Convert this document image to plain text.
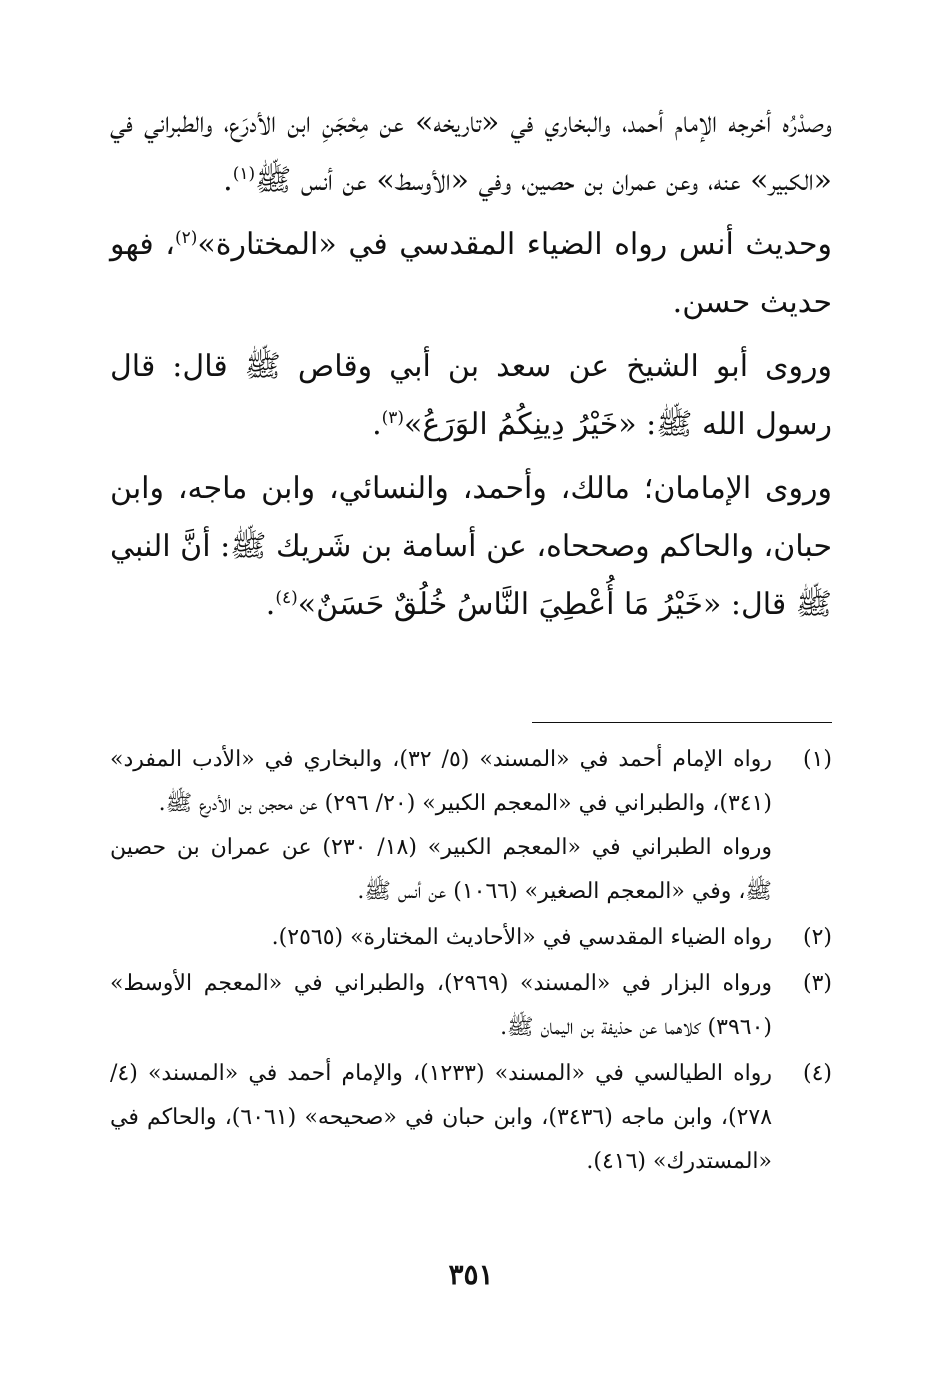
وصدْرُه أخرجه الإمام أحمد، والبخاري في «تاريخه» عن مِحْجَنِ ابن الأدرَع، والطبراني في «الكبير» عنه، وعن عمران بن حصين، وفي «الأوسط» عن أنس ﷺ$^{(١)}$.

وحديث أنس رواه الضياء المقدسي في «المختارة»$^{(٢)}$، فهو حديث حسن.

وروى أبو الشيخ عن سعد بن أبي وقاص ﷺ قال: قال رسول الله ﷺ: «خَيْرُ دِينِكُمُ الوَرَعُ»$^{(٣)}$.

وروى الإمامان؛ مالك، وأحمد، والنسائي، وابن ماجه، وابن حبان، والحاكم وصححاه، عن أسامة بن شَريك ﷺ: أنَّ النبي ﷺ قال: «خَيْرُ مَا أُعْطِيَ النَّاسُ خُلُقٌ حَسَنٌ»$^{(٤)}$.

(١)

رواه الإمام أحمد في «المسند» (٥/ ٣٢)، والبخاري في «الأدب المفرد» (٣٤١)، والطبراني في «المعجم الكبير» (٢٠/ ٢٩٦) عن محجن بن الأدرع ﷺ.

ورواه الطبراني في «المعجم الكبير» (١٨/ ٢٣٠) عن عمران بن حصين ﷺ، وفي «المعجم الصغير» (١٠٦٦) عن أنس ﷺ.

(٢)

رواه الضياء المقدسي في «الأحاديث المختارة» (٢٥٦٥).

(٣)

ورواه البزار في «المسند» (٢٩٦٩)، والطبراني في «المعجم الأوسط» (٣٩٦٠) كلاهما عن حذيفة بن اليمان ﷺ.

(٤)

رواه الطيالسي في «المسند» (١٢٣٣)، والإمام أحمد في «المسند» (٤/ ٢٧٨)، وابن ماجه (٣٤٣٦)، وابن حبان في «صحيحه» (٦٠٦١)، والحاكم في «المستدرك» (٤١٦).

٣٥١
